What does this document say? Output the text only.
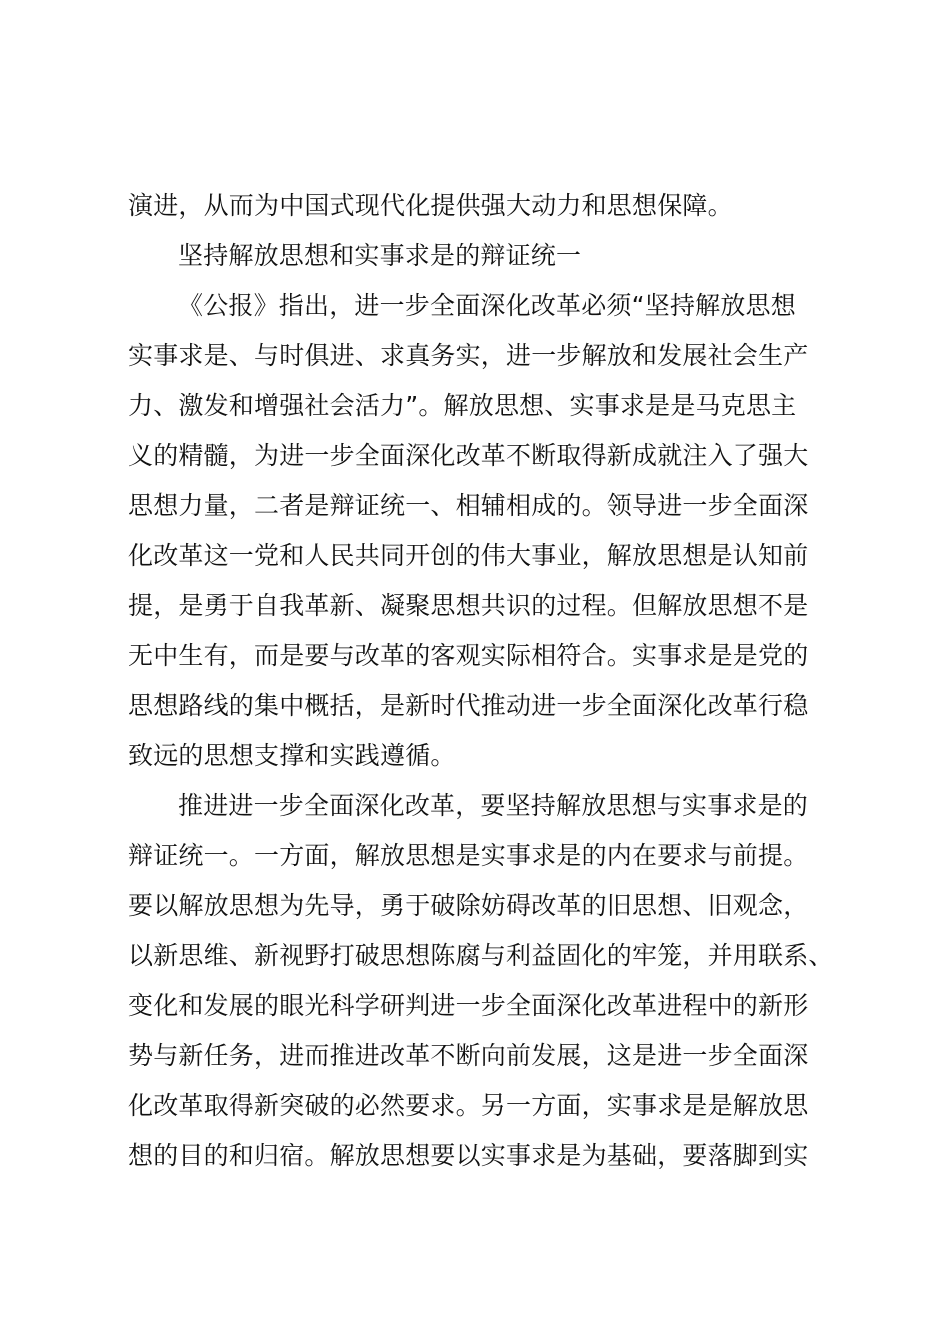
演进，从而为中国式现代化提供强大动力和思想保障。
坚持解放思想和实事求是的辩证统一
《公报》指出，进一步全面深化改革必须“坚持解放思想
实事求是、与时俱进、求真务实，进一步解放和发展社会生产
力、激发和增强社会活力”。解放思想、实事求是是马克思主
义的精髓，为进一步全面深化改革不断取得新成就注入了强大
思想力量，二者是辩证统一、相辅相成的。领导进一步全面深
化改革这一党和人民共同开创的伟大事业，解放思想是认知前
提，是勇于自我革新、凝聚思想共识的过程。但解放思想不是
无中生有，而是要与改革的客观实际相符合。实事求是是党的
思想路线的集中概括，是新时代推动进一步全面深化改革行稳
致远的思想支撑和实践遵循。
推进进一步全面深化改革，要坚持解放思想与实事求是的
辩证统一。一方面，解放思想是实事求是的内在要求与前提。
要以解放思想为先导，勇于破除妨碍改革的旧思想、旧观念，
以新思维、新视野打破思想陈腐与利益固化的牢笼，并用联系、
变化和发展的眼光科学研判进一步全面深化改革进程中的新形
势与新任务，进而推进改革不断向前发展，这是进一步全面深
化改革取得新突破的必然要求。另一方面，实事求是是解放思
想的目的和归宿。解放思想要以实事求是为基础，要落脚到实
